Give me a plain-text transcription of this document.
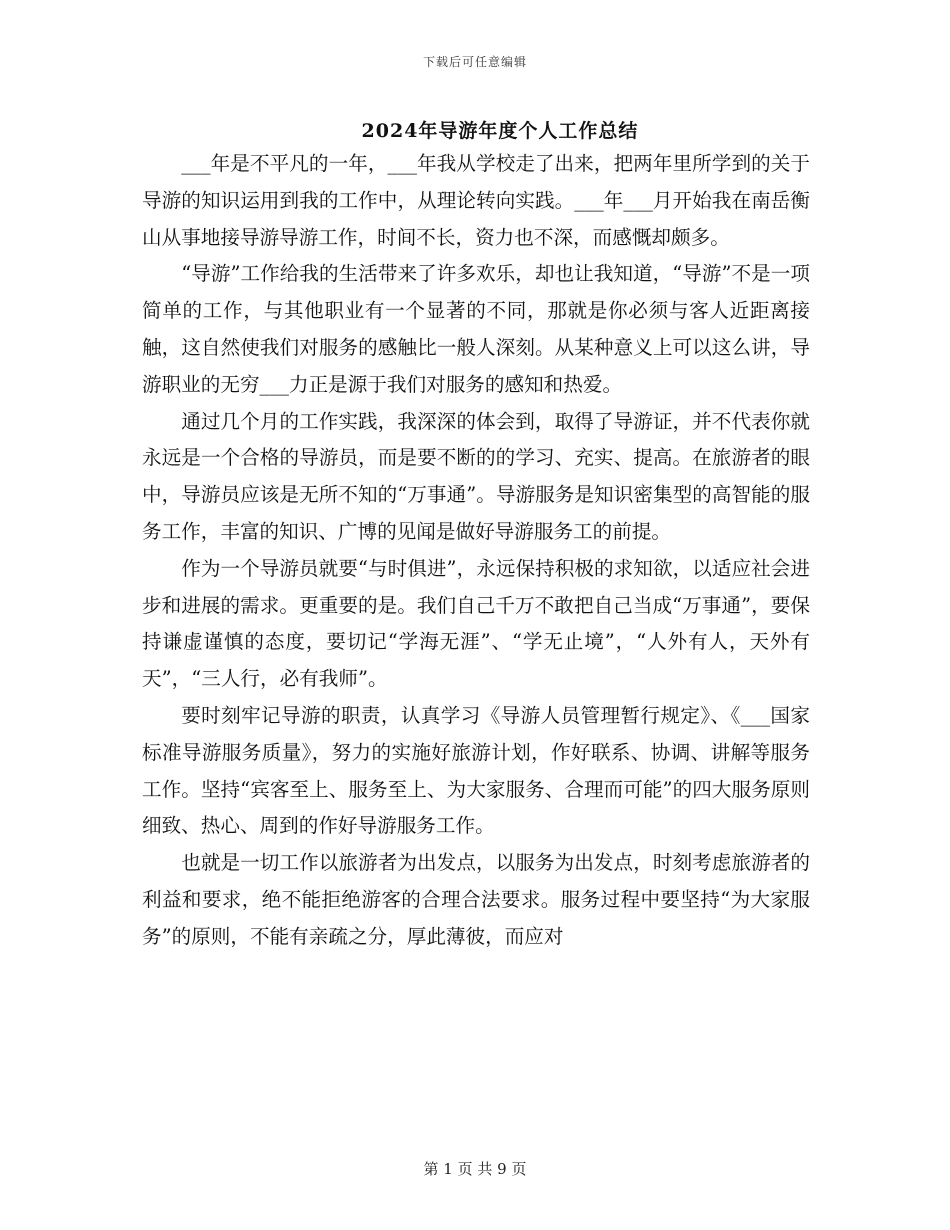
下载后可任意编辑
2024年导游年度个人工作总结

___年是不平凡的一年，___年我从学校走了出来，把两年里所学到的关于导游的知识运用到我的工作中，从理论转向实践。___年___月开始我在南岳衡山从事地接导游导游工作，时间不长，资力也不深，而感慨却颇多。

“导游”工作给我的生活带来了许多欢乐，却也让我知道，“导游”不是一项简单的工作，与其他职业有一个显著的不同，那就是你必须与客人近距离接触，这自然使我们对服务的感触比一般人深刻。从某种意义上可以这么讲，导游职业的无穷___力正是源于我们对服务的感知和热爱。

通过几个月的工作实践，我深深的体会到，取得了导游证，并不代表你就永远是一个合格的导游员，而是要不断的的学习、充实、提高。在旅游者的眼中，导游员应该是无所不知的“万事通”。导游服务是知识密集型的高智能的服务工作，丰富的知识、广博的见闻是做好导游服务工的前提。

作为一个导游员就要“与时俱进”，永远保持积极的求知欲，以适应社会进步和进展的需求。更重要的是。我们自己千万不敢把自己当成“万事通”，要保持谦虚谨慎的态度，要切记“学海无涯”、“学无止境”，“人外有人，天外有天”，“三人行，必有我师”。

要时刻牢记导游的职责，认真学习《导游人员管理暂行规定》、《___国家标准导游服务质量》，努力的实施好旅游计划，作好联系、协调、讲解等服务工作。坚持“宾客至上、服务至上、为大家服务、合理而可能”的四大服务原则细致、热心、周到的作好导游服务工作。

也就是一切工作以旅游者为出发点，以服务为出发点，时刻考虑旅游者的利益和要求，绝不能拒绝游客的合理合法要求。服务过程中要坚持“为大家服务”的原则，不能有亲疏之分，厚此薄彼，而应对

第 1 页 共 9 页
